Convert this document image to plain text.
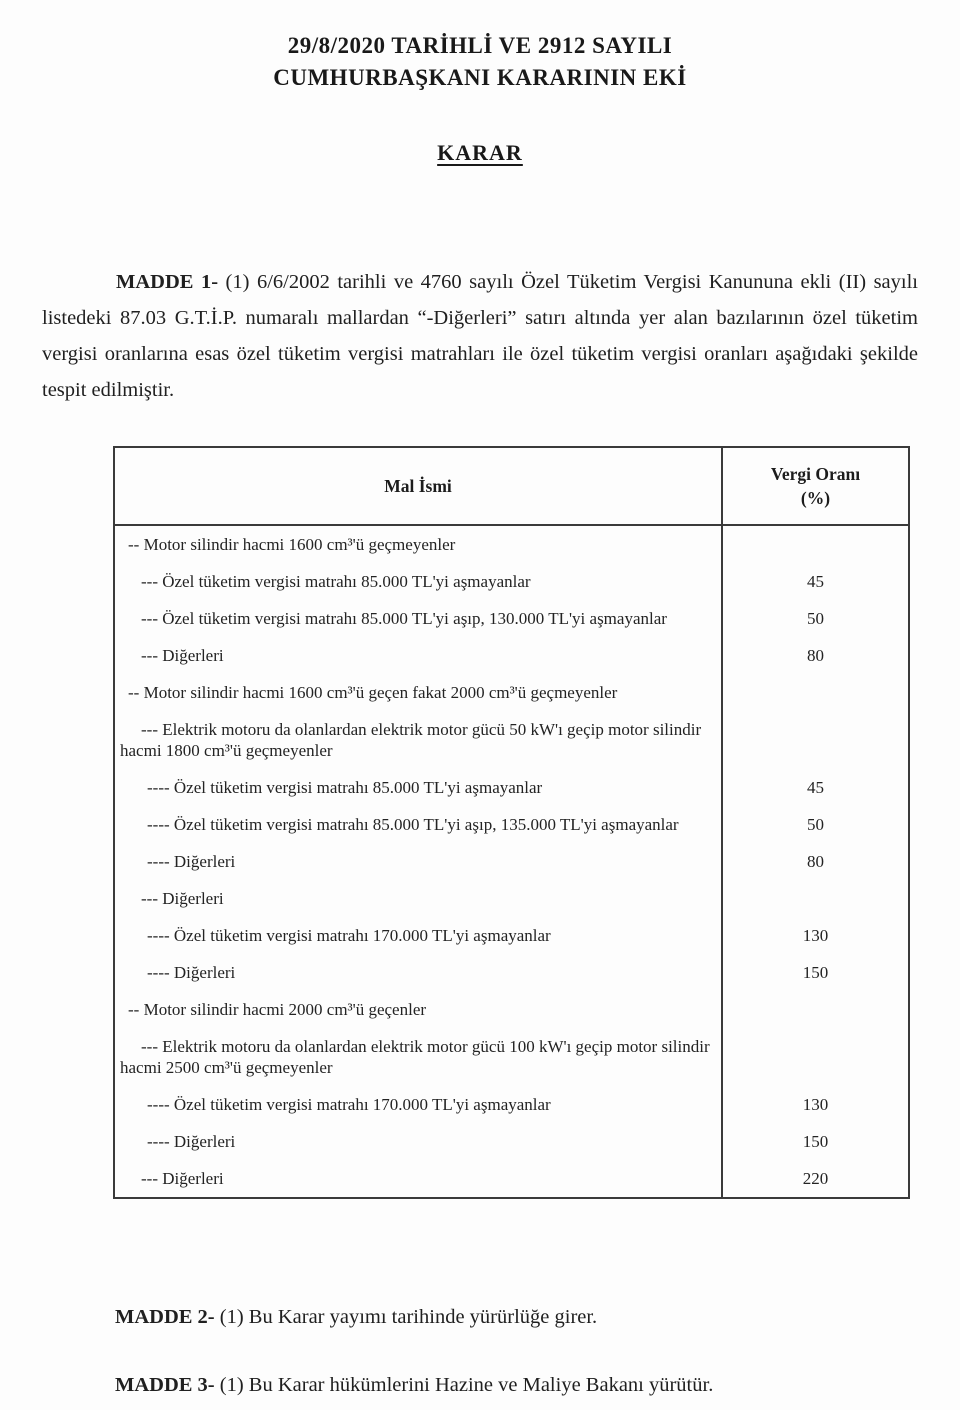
29/8/2020 TARİHLİ VE 2912 SAYILI
CUMHURBAŞKANI KARARININ EKİ
KARAR

MADDE 1- (1) 6/6/2002 tarihli ve 4760 sayılı Özel Tüketim Vergisi Kanununa ekli (II) sayılı listedeki 87.03 G.T.İ.P. numaralı mallardan “-Diğerleri” satırı altında yer alan bazılarının özel tüketim vergisi oranlarına esas özel tüketim vergisi matrahları ile özel tüketim vergisi oranları aşağıdaki şekilde tespit edilmiştir.

Mal İsmi	Vergi Oranı
(%)

-- Motor silindir hacmi 1600 cm³'ü geçmeyenler	
--- Özel tüketim vergisi matrahı 85.000 TL'yi aşmayanlar	45
--- Özel tüketim vergisi matrahı 85.000 TL'yi aşıp, 130.000 TL'yi aşmayanlar	50
--- Diğerleri	80
-- Motor silindir hacmi 1600 cm³'ü geçen fakat 2000 cm³'ü geçmeyenler	
--- Elektrik motoru da olanlardan elektrik motor gücü 50 kW'ı geçip motor silindir hacmi 1800 cm³'ü geçmeyenler	
---- Özel tüketim vergisi matrahı 85.000 TL'yi aşmayanlar	45
---- Özel tüketim vergisi matrahı 85.000 TL'yi aşıp, 135.000 TL'yi aşmayanlar	50
---- Diğerleri	80
--- Diğerleri	
---- Özel tüketim vergisi matrahı 170.000 TL'yi aşmayanlar	130
---- Diğerleri	150
-- Motor silindir hacmi 2000 cm³'ü geçenler	
--- Elektrik motoru da olanlardan elektrik motor gücü 100 kW'ı geçip motor silindir hacmi 2500 cm³'ü geçmeyenler	
---- Özel tüketim vergisi matrahı 170.000 TL'yi aşmayanlar	130
---- Diğerleri	150
--- Diğerleri	220

MADDE 2- (1) Bu Karar yayımı tarihinde yürürlüğe girer.

MADDE 3- (1) Bu Karar hükümlerini Hazine ve Maliye Bakanı yürütür.
